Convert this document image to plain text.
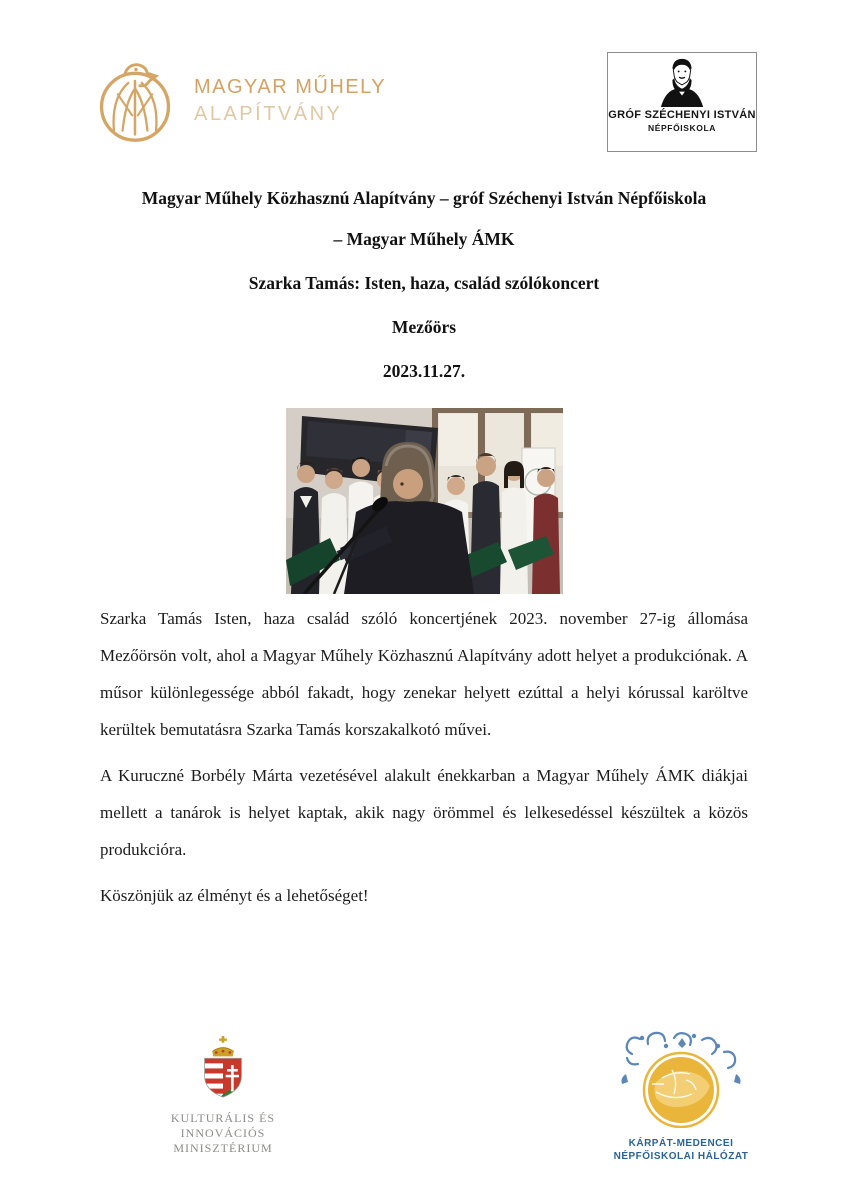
MAGYAR MŰHELY
ALAPÍTVÁNY	GRÓF SZÉCHENYI ISTVÁN
NÉPFŐISKOLA

Magyar Műhely Közhasznú Alapítvány – gróf Széchenyi István Népfőiskola

– Magyar Műhely ÁMK

Szarka Tamás: Isten, haza, család szólókoncert

Mezőörs

2023.11.27.

Szarka Tamás Isten, haza család szóló koncertjének 2023. november 27-ig állomása Mezőörsön volt, ahol a Magyar Műhely Közhasznú Alapítvány adott helyet a produkciónak. A műsor különlegessége abból fakadt, hogy zenekar helyett ezúttal a helyi kórussal karöltve kerültek bemutatásra Szarka Tamás korszakalkotó művei.

A Kuruczné Borbély Márta vezetésével alakult énekkarban a Magyar Műhely ÁMK diákjai mellett a tanárok is helyet kaptak, akik nagy örömmel és lelkesedéssel készültek a közös produkcióra.

Köszönjük az élményt és a lehetőséget!

KULTURÁLIS ÉS INNOVÁCIÓS
MINISZTÉRIUM	KÁRPÁT-MEDENCEI
NÉPFŐISKOLAI HÁLÓZAT
